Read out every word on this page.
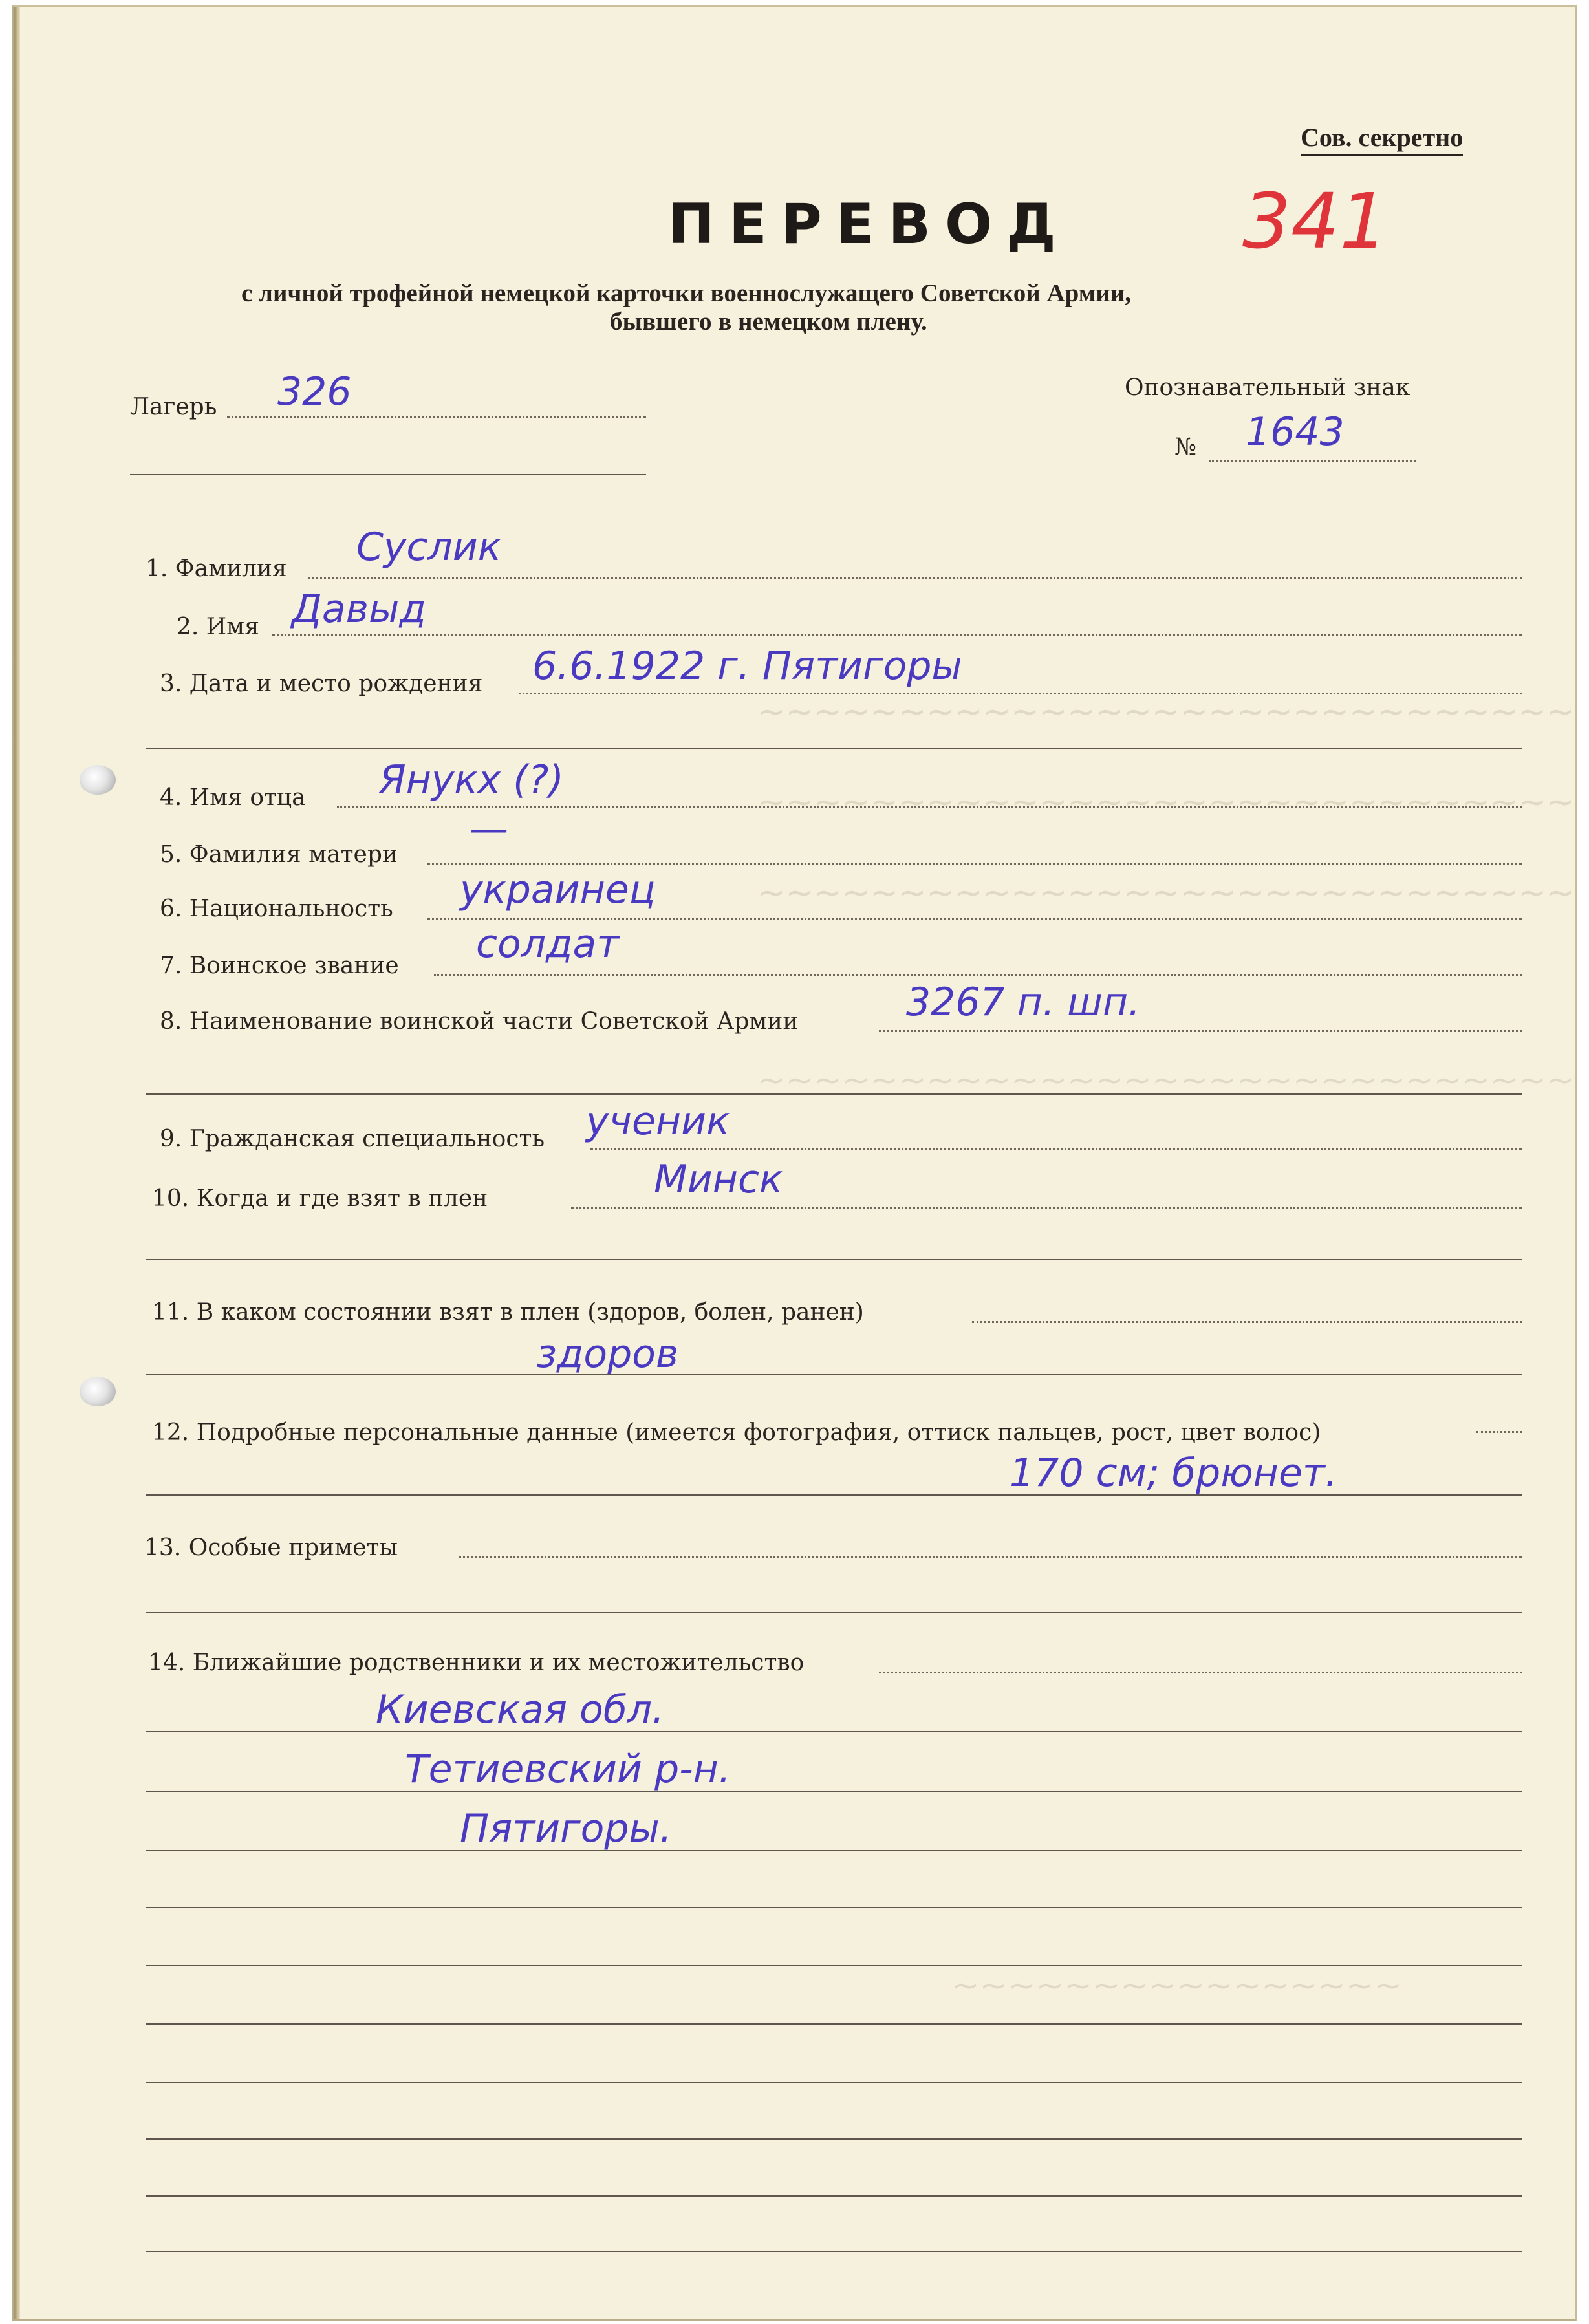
~~~~~~~~~~~~~~~~~~~~~~~~~~~~~
~~~~~~~~~~~~~~~~~~~~~~~~~~~~~
~~~~~~~~~~~~~~~~~~~~~~~~~~~~~
~~~~~~~~~~~~~~~~~~~~~~~~~~~~~
~~~~~~~~~~~~~~~~
Сов. секретно
341
ПЕРЕВОД
с личной трофейной немецкой карточки военнослужащего Советской Армии,
бывшего в немецком плену.
Лагерь 326	Опознавательный знак
№ 1643
1. Фамилия Суслик
2. Имя Давыд
3. Дата и место рождения 6.6.1922 г. Пятигоры
4. Имя отца Янукх (?)
5. Фамилия матери
—
6. Национальность украинец
7. Воинское звание солдат
8. Наименование воинской части Советской Армии	3267 п. шп.
9. Гражданская специальность ученик
10. Когда и где взят в плен	Минск
11. В каком состоянии взят в плен (здоров, болен, ранен)
здоров
12. Подробные персональные данные (имеется фотография, оттиск пальцев, рост, цвет волос)
170 см; брюнет.
13. Особые приметы
14. Ближайшие родственники и их местожительство
Киевская обл.
Тетиевский р-н.
Пятигоры.
